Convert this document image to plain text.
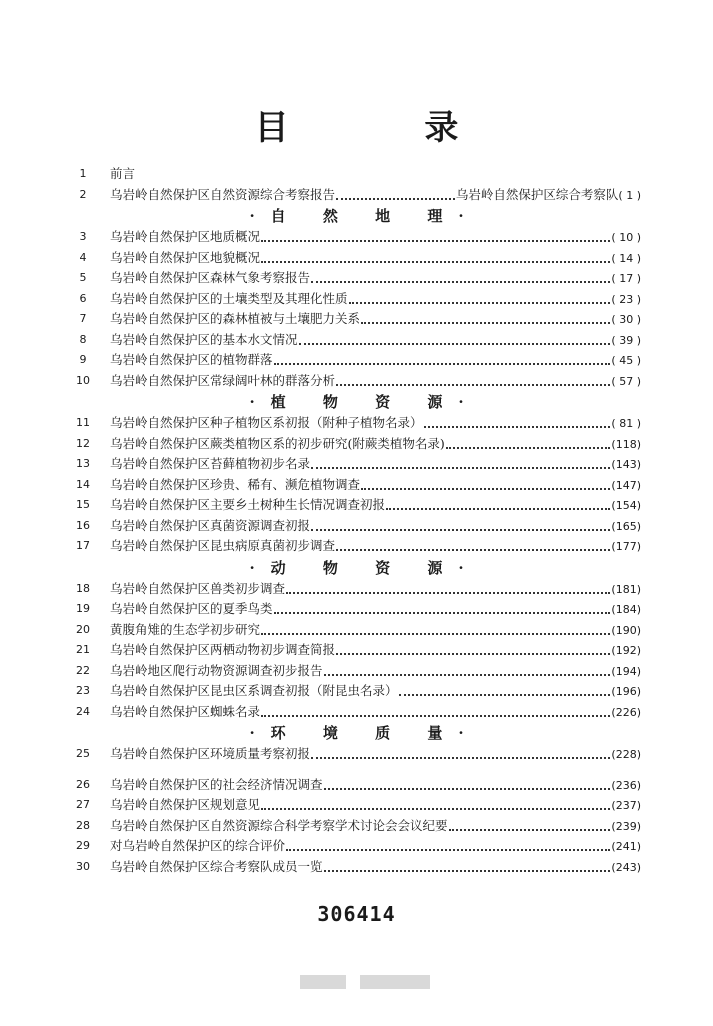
目 录
1	前言
2	乌岩岭自然保护区自然资源综合考察报告	乌岩岭自然保护区综合考察队 ( 1 )
·自 然 地 理·
3	乌岩岭自然保护区地质概况	( 10 )
4	乌岩岭自然保护区地貌概况	( 14 )
5	乌岩岭自然保护区森林气象考察报告	( 17 )
6	乌岩岭自然保护区的土壤类型及其理化性质	( 23 )
7	乌岩岭自然保护区的森林植被与土壤肥力关系	( 30 )
8	乌岩岭自然保护区的基本水文情况	( 39 )
9	乌岩岭自然保护区的植物群落	( 45 )
10	乌岩岭自然保护区常绿阔叶林的群落分析	( 57 )
·植 物 资 源·
11	乌岩岭自然保护区种子植物区系初报（附种子植物名录）	( 81 )
12	乌岩岭自然保护区蕨类植物区系的初步研究(附蕨类植物名录)	(118)
13	乌岩岭自然保护区苔藓植物初步名录	(143)
14	乌岩岭自然保护区珍贵、稀有、濒危植物调查	(147)
15	乌岩岭自然保护区主要乡土树种生长情况调查初报	(154)
16	乌岩岭自然保护区真菌资源调查初报	(165)
17	乌岩岭自然保护区昆虫病原真菌初步调查	(177)
·动 物 资 源·
18	乌岩岭自然保护区兽类初步调查	(181)
19	乌岩岭自然保护区的夏季鸟类	(184)
20	黄腹角雉的生态学初步研究	(190)
21	乌岩岭自然保护区两栖动物初步调查简报	(192)
22	乌岩岭地区爬行动物资源调查初步报告	(194)
23	乌岩岭自然保护区昆虫区系调查初报（附昆虫名录）	(196)
24	乌岩岭自然保护区蜘蛛名录	(226)
·环 境 质 量·
25	乌岩岭自然保护区环境质量考察初报	(228)
26	乌岩岭自然保护区的社会经济情况调查	(236)
27	乌岩岭自然保护区规划意见	(237)
28	乌岩岭自然保护区自然资源综合科学考察学术讨论会会议纪要	(239)
29	对乌岩岭自然保护区的综合评价	(241)
30	乌岩岭自然保护区综合考察队成员一览	(243)
306414
